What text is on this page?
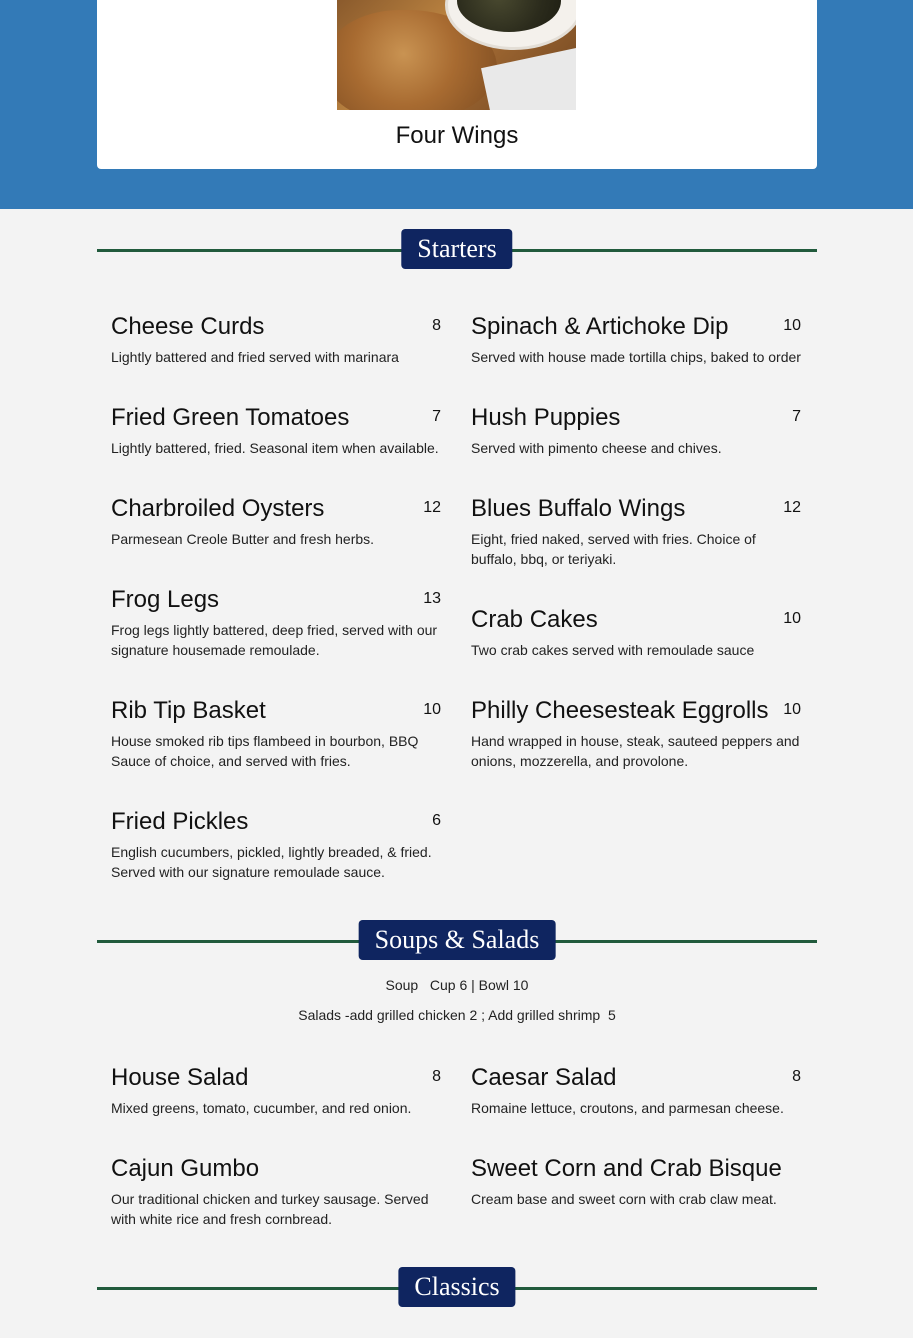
Four Wings
Starters
Cheese Curds	8
Lightly battered and fried served with marinara
Spinach & Artichoke Dip	10
Served with house made tortilla chips, baked to order
Fried Green Tomatoes	7
Lightly battered, fried. Seasonal item when available.
Hush Puppies	7
Served with pimento cheese and chives.
Charbroiled Oysters	12
Parmesean Creole Butter and fresh herbs.
Blues Buffalo Wings	12
Eight, fried naked, served with fries. Choice of buffalo, bbq, or teriyaki.
Frog Legs	13
Frog legs lightly battered, deep fried, served with our signature housemade remoulade.
Crab Cakes	10
Two crab cakes served with remoulade sauce
Rib Tip Basket	10
House smoked rib tips flambeed in bourbon, BBQ Sauce of choice, and served with fries.
Philly Cheesesteak Eggrolls 10
Hand wrapped in house, steak, sauteed peppers and onions, mozzerella, and provolone.
Fried Pickles	6
English cucumbers, pickled, lightly breaded, & fried. Served with our signature remoulade sauce.
Soups & Salads
Soup   Cup 6 | Bowl 10
Salads -add grilled chicken 2 ; Add grilled shrimp  5
House Salad	8
Mixed greens, tomato, cucumber, and red onion.
Caesar Salad	8
Romaine lettuce, croutons, and parmesan cheese.
Cajun Gumbo
Our traditional chicken and turkey sausage. Served with white rice and fresh cornbread.
Sweet Corn and Crab Bisque
Cream base and sweet corn with crab claw meat.
Classics
